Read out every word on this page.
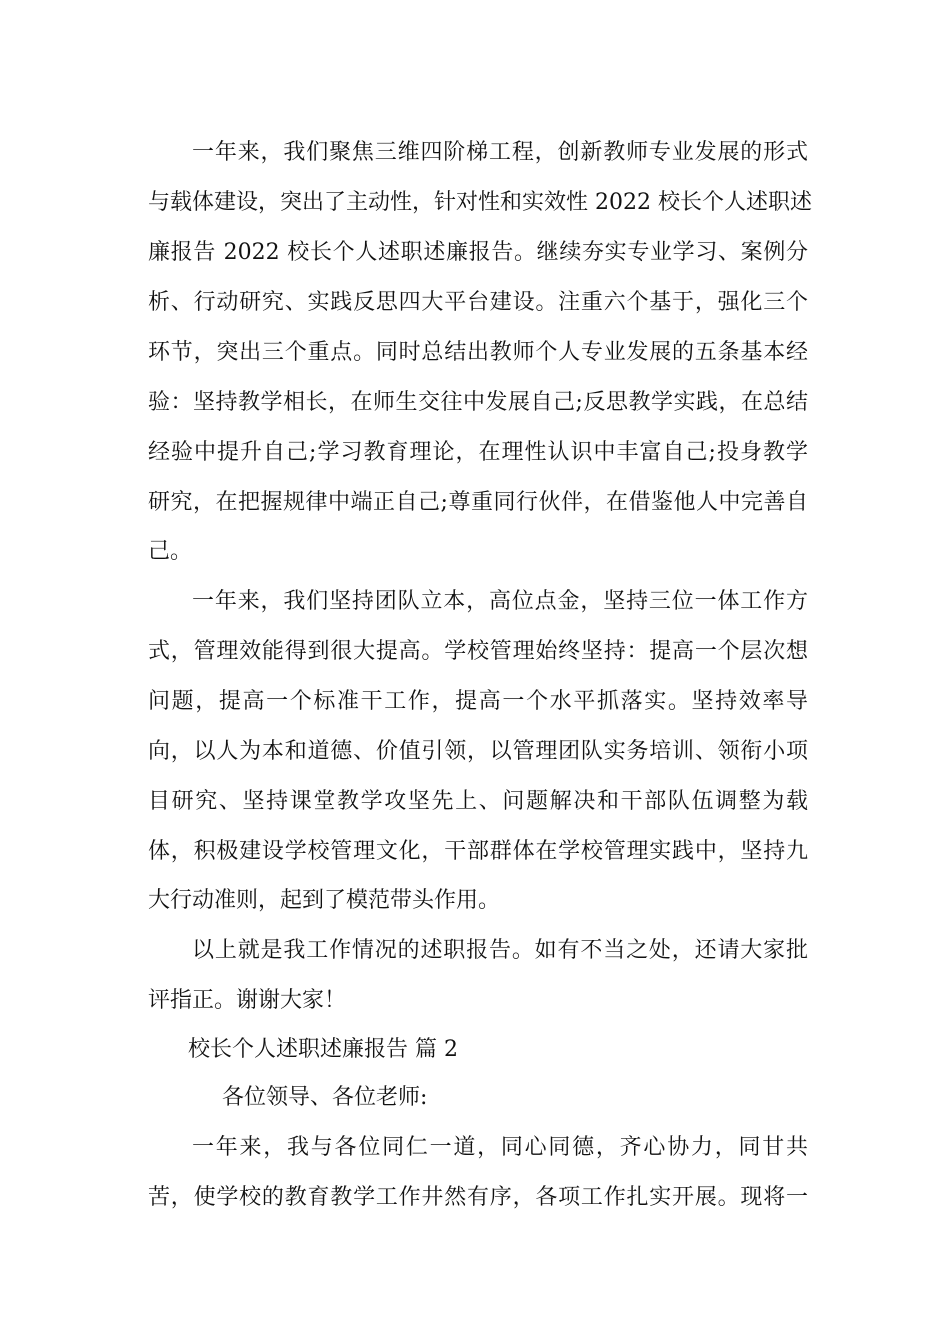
一年来，我们聚焦三维四阶梯工程，创新教师专业发展的形式
与载体建设，突出了主动性，针对性和实效性 2022 校长个人述职述
廉报告 2022 校长个人述职述廉报告。继续夯实专业学习、案例分
析、行动研究、实践反思四大平台建设。注重六个基于，强化三个
环节，突出三个重点。同时总结出教师个人专业发展的五条基本经
验：坚持教学相长，在师生交往中发展自己;反思教学实践，在总结
经验中提升自己;学习教育理论，在理性认识中丰富自己;投身教学
研究，在把握规律中端正自己;尊重同行伙伴，在借鉴他人中完善自
己。
一年来，我们坚持团队立本，高位点金，坚持三位一体工作方
式，管理效能得到很大提高。学校管理始终坚持：提高一个层次想
问题，提高一个标准干工作，提高一个水平抓落实。坚持效率导
向，以人为本和道德、价值引领，以管理团队实务培训、领衔小项
目研究、坚持课堂教学攻坚先上、问题解决和干部队伍调整为载
体，积极建设学校管理文化，干部群体在学校管理实践中，坚持九
大行动准则，起到了模范带头作用。
以上就是我工作情况的述职报告。如有不当之处，还请大家批
评指正。谢谢大家！
校长个人述职述廉报告 篇 2
各位领导、各位老师:
一年来，我与各位同仁一道，同心同德，齐心协力，同甘共
苦，使学校的教育教学工作井然有序，各项工作扎实开展。现将一
